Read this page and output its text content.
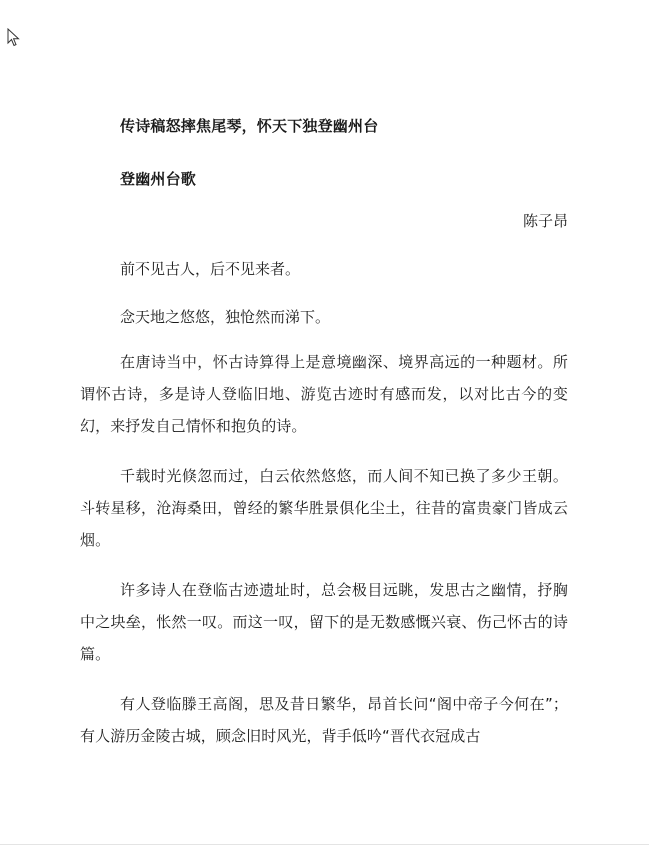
传诗稿怒摔焦尾琴，怀天下独登幽州台
登幽州台歌
陈子昂
前不见古人，后不见来者。
念天地之悠悠，独怆然而涕下。
在唐诗当中，怀古诗算得上是意境幽深、境界高远的一种题材。所谓怀古诗，多是诗人登临旧地、游览古迹时有感而发，以对比古今的变幻，来抒发自己情怀和抱负的诗。
千载时光倏忽而过，白云依然悠悠，而人间不知已换了多少王朝。斗转星移，沧海桑田，曾经的繁华胜景俱化尘土，往昔的富贵豪门皆成云烟。
许多诗人在登临古迹遗址时，总会极目远眺，发思古之幽情，抒胸中之块垒，怅然一叹。而这一叹，留下的是无数感慨兴衰、伤己怀古的诗篇。
有人登临滕王高阁，思及昔日繁华，昂首长问“阁中帝子今何在”；有人游历金陵古城，顾念旧时风光，背手低吟“晋代衣冠成古
